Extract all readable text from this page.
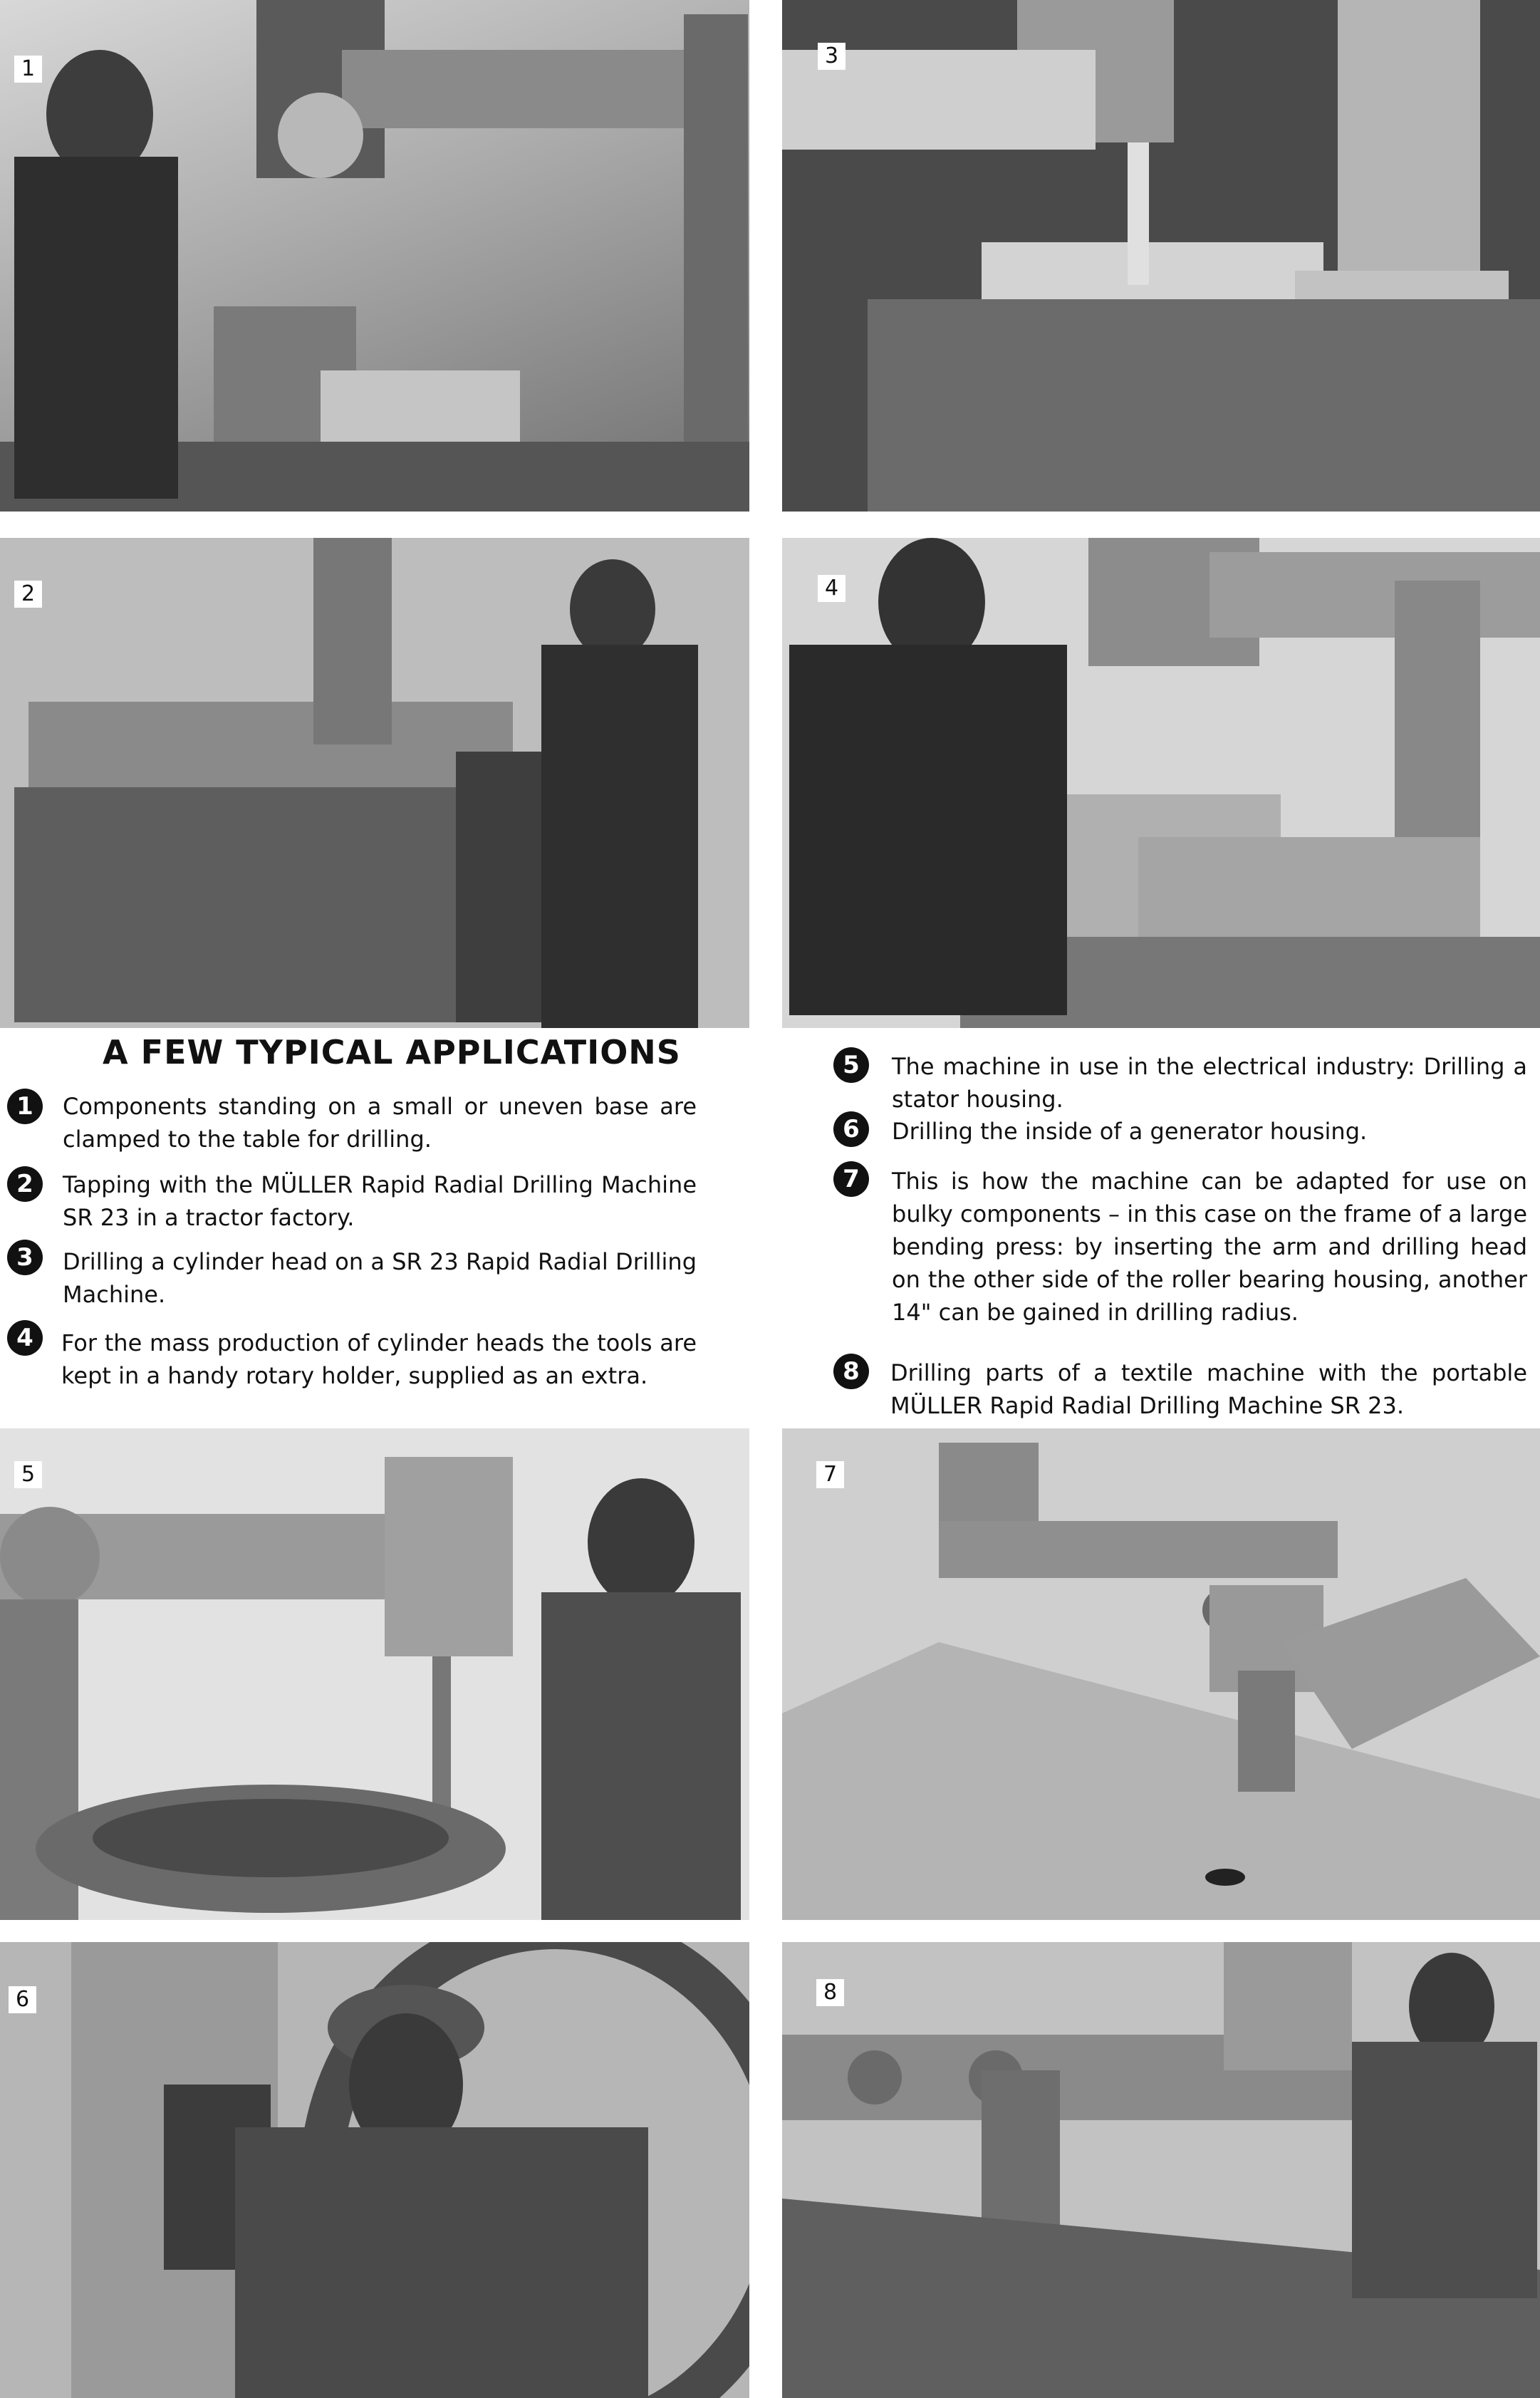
1
3
2	4
A FEW TYPICAL APPLICATIONS
1	Components standing on a small or uneven base are clamped to the table for drilling.
2	Tapping with the MÜLLER Rapid Radial Drilling Machine SR 23 in a tractor factory.
3	Drilling a cylinder head on a SR 23 Rapid Radial Drilling Machine.
4	For the mass production of cylinder heads the tools are kept in a handy rotary holder, supplied as an extra.
5	The machine in use in the electrical industry: Drilling a stator housing.
6	Drilling the inside of a generator housing.
7	This is how the machine can be adapted for use on bulky components – in this case on the frame of a large bending press: by inserting the arm and drilling head on the other side of the roller bearing housing, another 14" can be gained in drilling radius.
8	Drilling parts of a textile machine with the portable MÜLLER Rapid Radial Drilling Machine SR 23.
5	7
6	8
